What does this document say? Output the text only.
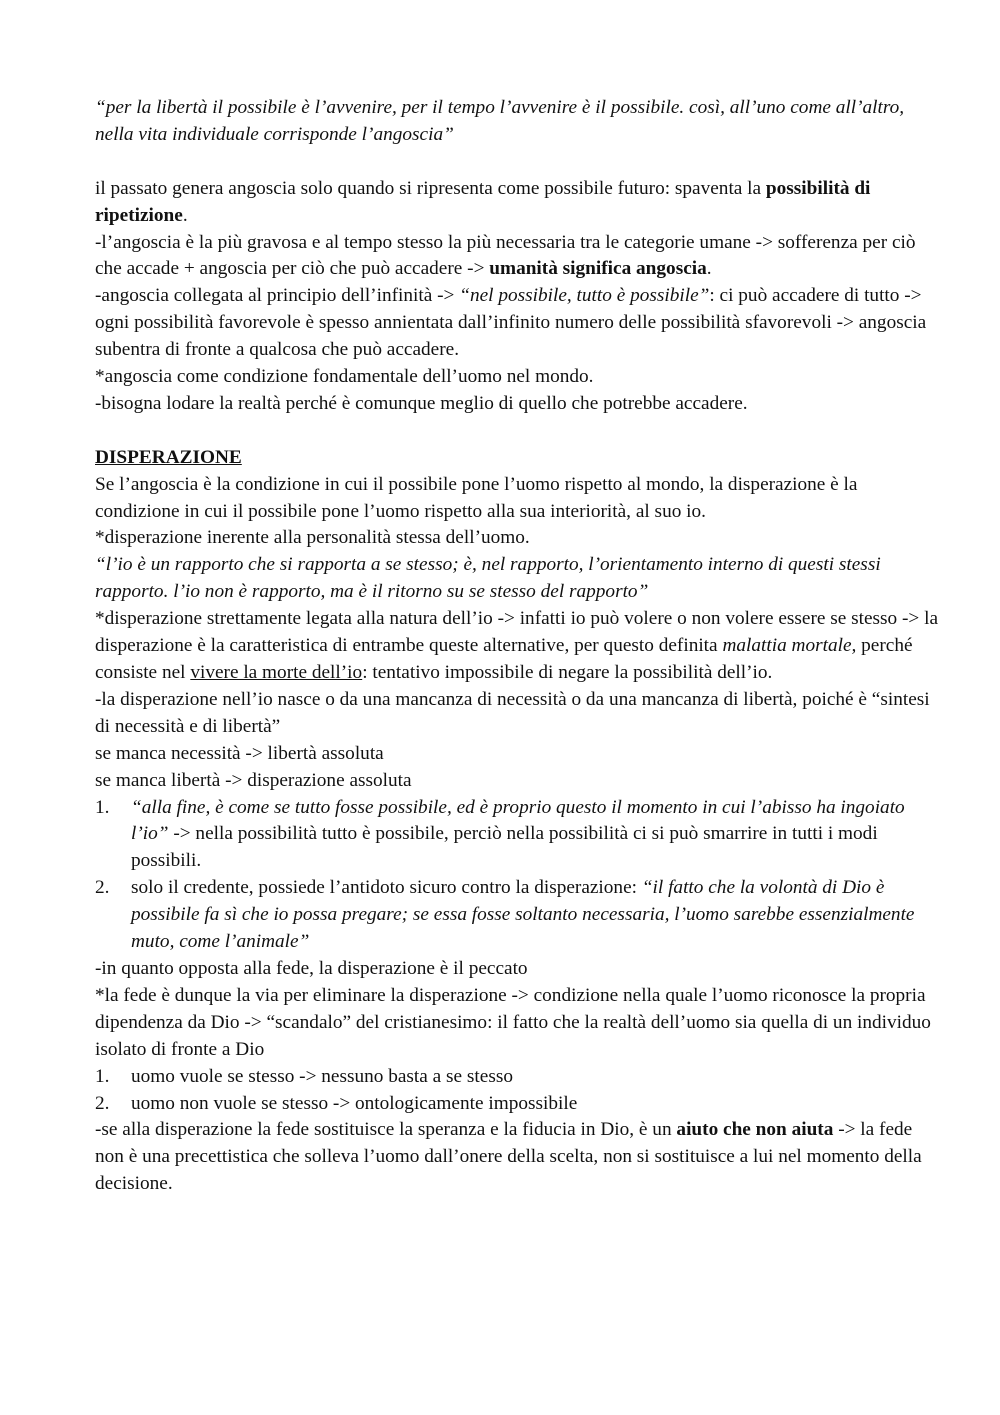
“per la libertà il possibile è l’avvenire, per il tempo l’avvenire è il possibile. così, all’uno come all’altro, nella vita individuale corrisponde l’angoscia”

il passato genera angoscia solo quando si ripresenta come possibile futuro: spaventa la possibilità di ripetizione.

-l’angoscia è la più gravosa e al tempo stesso la più necessaria tra le categorie umane -> sofferenza per ciò che accade + angoscia per ciò che può accadere -> umanità significa angoscia.

-angoscia collegata al principio dell’infinità -> “nel possibile, tutto è possibile”: ci può accadere di tutto -> ogni possibilità favorevole è spesso annientata dall’infinito numero delle possibilità sfavorevoli -> angoscia subentra di fronte a qualcosa che può accadere.

*angoscia come condizione fondamentale dell’uomo nel mondo.

-bisogna lodare la realtà perché è comunque meglio di quello che potrebbe accadere.

DISPERAZIONE

Se l’angoscia è la condizione in cui il possibile pone l’uomo rispetto al mondo, la disperazione è la condizione in cui il possibile pone l’uomo rispetto alla sua interiorità, al suo io.

*disperazione inerente alla personalità stessa dell’uomo.

“l’io è un rapporto che si rapporta a se stesso; è, nel rapporto, l’orientamento interno di questi stessi rapporto. l’io non è rapporto, ma è il ritorno su se stesso del rapporto”

*disperazione strettamente legata alla natura dell’io -> infatti io può volere o non volere essere se stesso -> la disperazione è la caratteristica di entrambe queste alternative, per questo definita malattia mortale, perché consiste nel vivere la morte dell’io: tentativo impossibile di negare la possibilità dell’io.

-la disperazione nell’io nasce o da una mancanza di necessità o da una mancanza di libertà, poiché è “sintesi di necessità e di libertà”

se manca necessità -> libertà assoluta

se manca libertà -> disperazione assoluta

1. “alla fine, è come se tutto fosse possibile, ed è proprio questo il momento in cui l’abisso ha ingoiato l’io” -> nella possibilità tutto è possibile, perciò nella possibilità ci si può smarrire in tutti i modi possibili.
2. solo il credente, possiede l’antidoto sicuro contro la disperazione: “il fatto che la volontà di Dio è possibile fa sì che io possa pregare; se essa fosse soltanto necessaria, l’uomo sarebbe essenzialmente muto, come l’animale”

-in quanto opposta alla fede, la disperazione è il peccato

*la fede è dunque la via per eliminare la disperazione -> condizione nella quale l’uomo riconosce la propria dipendenza da Dio -> “scandalo” del cristianesimo: il fatto che la realtà dell’uomo sia quella di un individuo isolato di fronte a Dio

1. uomo vuole se stesso -> nessuno basta a se stesso
2. uomo non vuole se stesso -> ontologicamente impossibile

-se alla disperazione la fede sostituisce la speranza e la fiducia in Dio, è un aiuto che non aiuta -> la fede non è una precettistica che solleva l’uomo dall’onere della scelta, non si sostituisce a lui nel momento della decisione.
